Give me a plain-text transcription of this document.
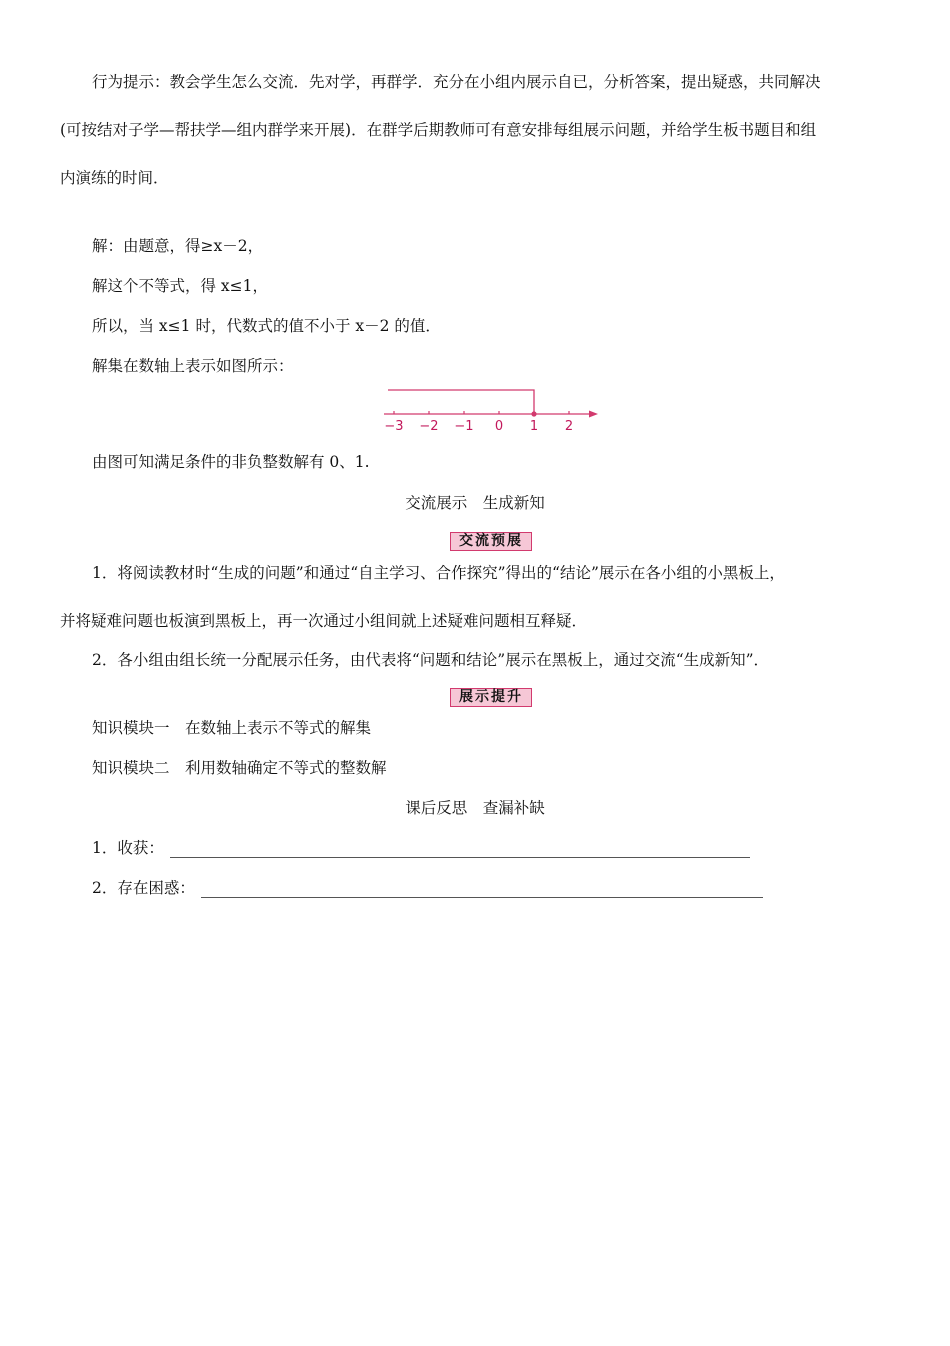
行为提示：教会学生怎么交流．先对学，再群学．充分在小组内展示自已，分析答案，提出疑惑，共同解决
(可按结对子学—帮扶学—组内群学来开展)．在群学后期教师可有意安排每组展示问题，并给学生板书题目和组
内演练的时间．
解：由题意，得≥x－2，
解这个不等式，得 x≤1，
所以，当 x≤1 时，代数式的值不小于 x－2 的值．
解集在数轴上表示如图所示：
−3 −2 −1 0 1 2
由图可知满足条件的非负整数解有 0、1.
交流展示　生成新知
交流预展
1．将阅读教材时“生成的问题”和通过“自主学习、合作探究”得出的“结论”展示在各小组的小黑板上，
并将疑难问题也板演到黑板上，再一次通过小组间就上述疑难问题相互释疑．
2．各小组由组长统一分配展示任务，由代表将“问题和结论”展示在黑板上，通过交流“生成新知”．
展示提升
知识模块一　在数轴上表示不等式的解集
知识模块二　利用数轴确定不等式的整数解
课后反思　查漏补缺
1．收获：
2．存在困惑：
